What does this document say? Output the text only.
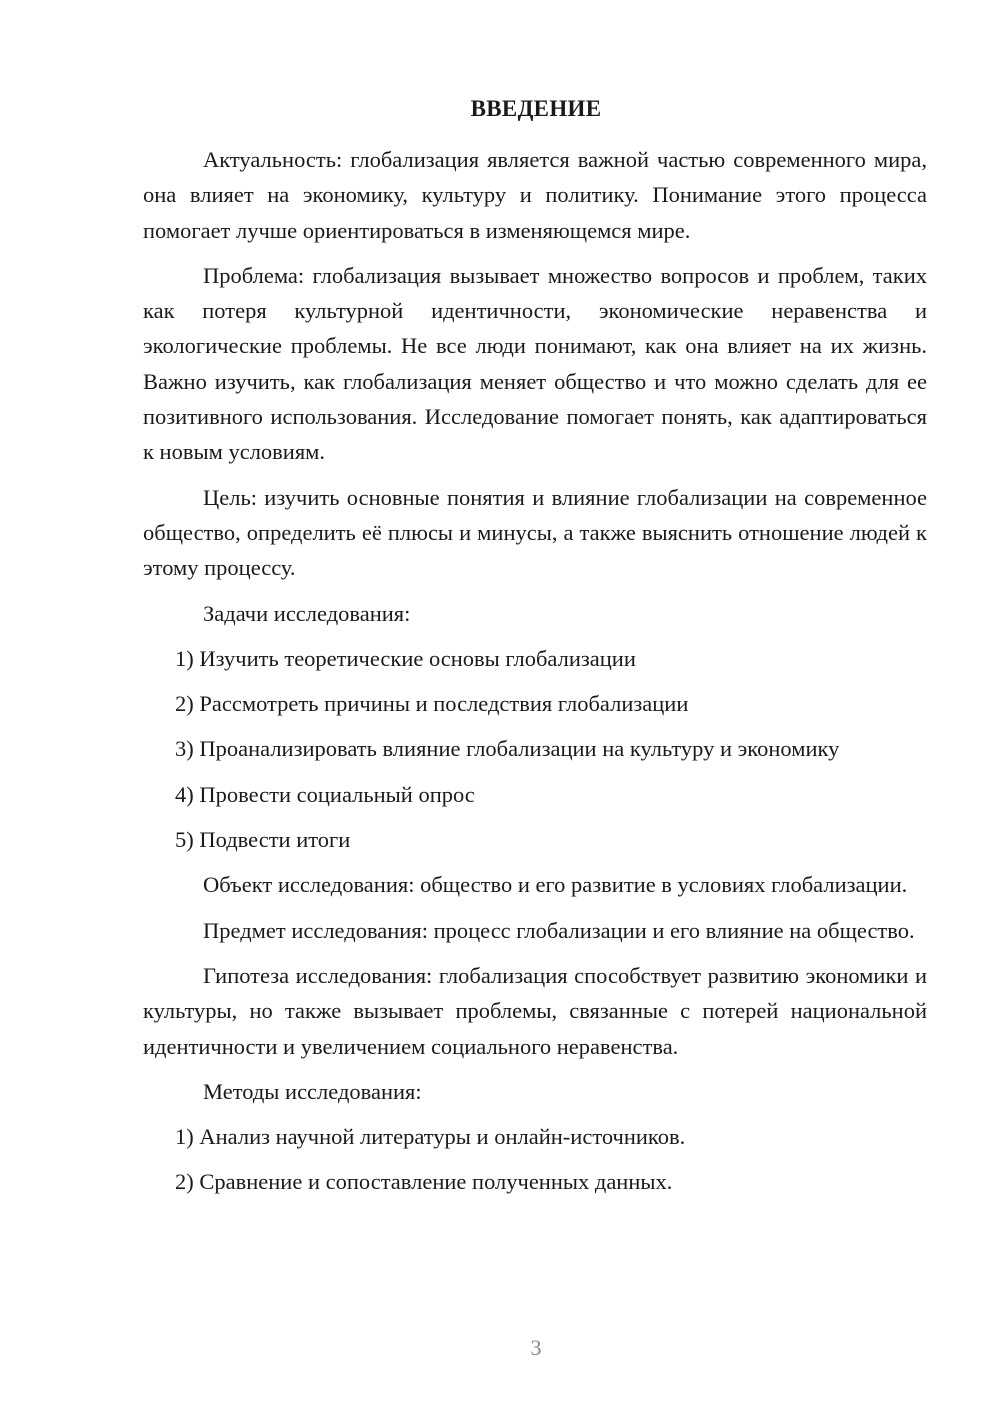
ВВЕДЕНИЕ

Актуальность: глобализация является важной частью современного мира, она влияет на экономику, культуру и политику. Понимание этого процесса помогает лучше ориентироваться в изменяющемся мире.

Проблема: глобализация вызывает множество вопросов и проблем, таких как потеря культурной идентичности, экономические неравенства и экологические проблемы. Не все люди понимают, как она влияет на их жизнь. Важно изучить, как глобализация меняет общество и что можно сделать для ее позитивного использования. Исследование помогает понять, как адаптироваться к новым условиям.

Цель: изучить основные понятия и влияние глобализации на современное общество, определить её плюсы и минусы, а также выяснить отношение людей к этому процессу.

Задачи исследования:
1) Изучить теоретические основы глобализации
2) Рассмотреть причины и последствия глобализации
3) Проанализировать влияние глобализации на культуру и экономику
4) Провести социальный опрос
5) Подвести итоги

Объект исследования: общество и его развитие в условиях глобализации.

Предмет исследования: процесс глобализации и его влияние на общество.

Гипотеза исследования: глобализация способствует развитию экономики и культуры, но также вызывает проблемы, связанные с потерей национальной идентичности и увеличением социального неравенства.

Методы исследования:
1) Анализ научной литературы и онлайн-источников.
2) Сравнение и сопоставление полученных данных.
3
